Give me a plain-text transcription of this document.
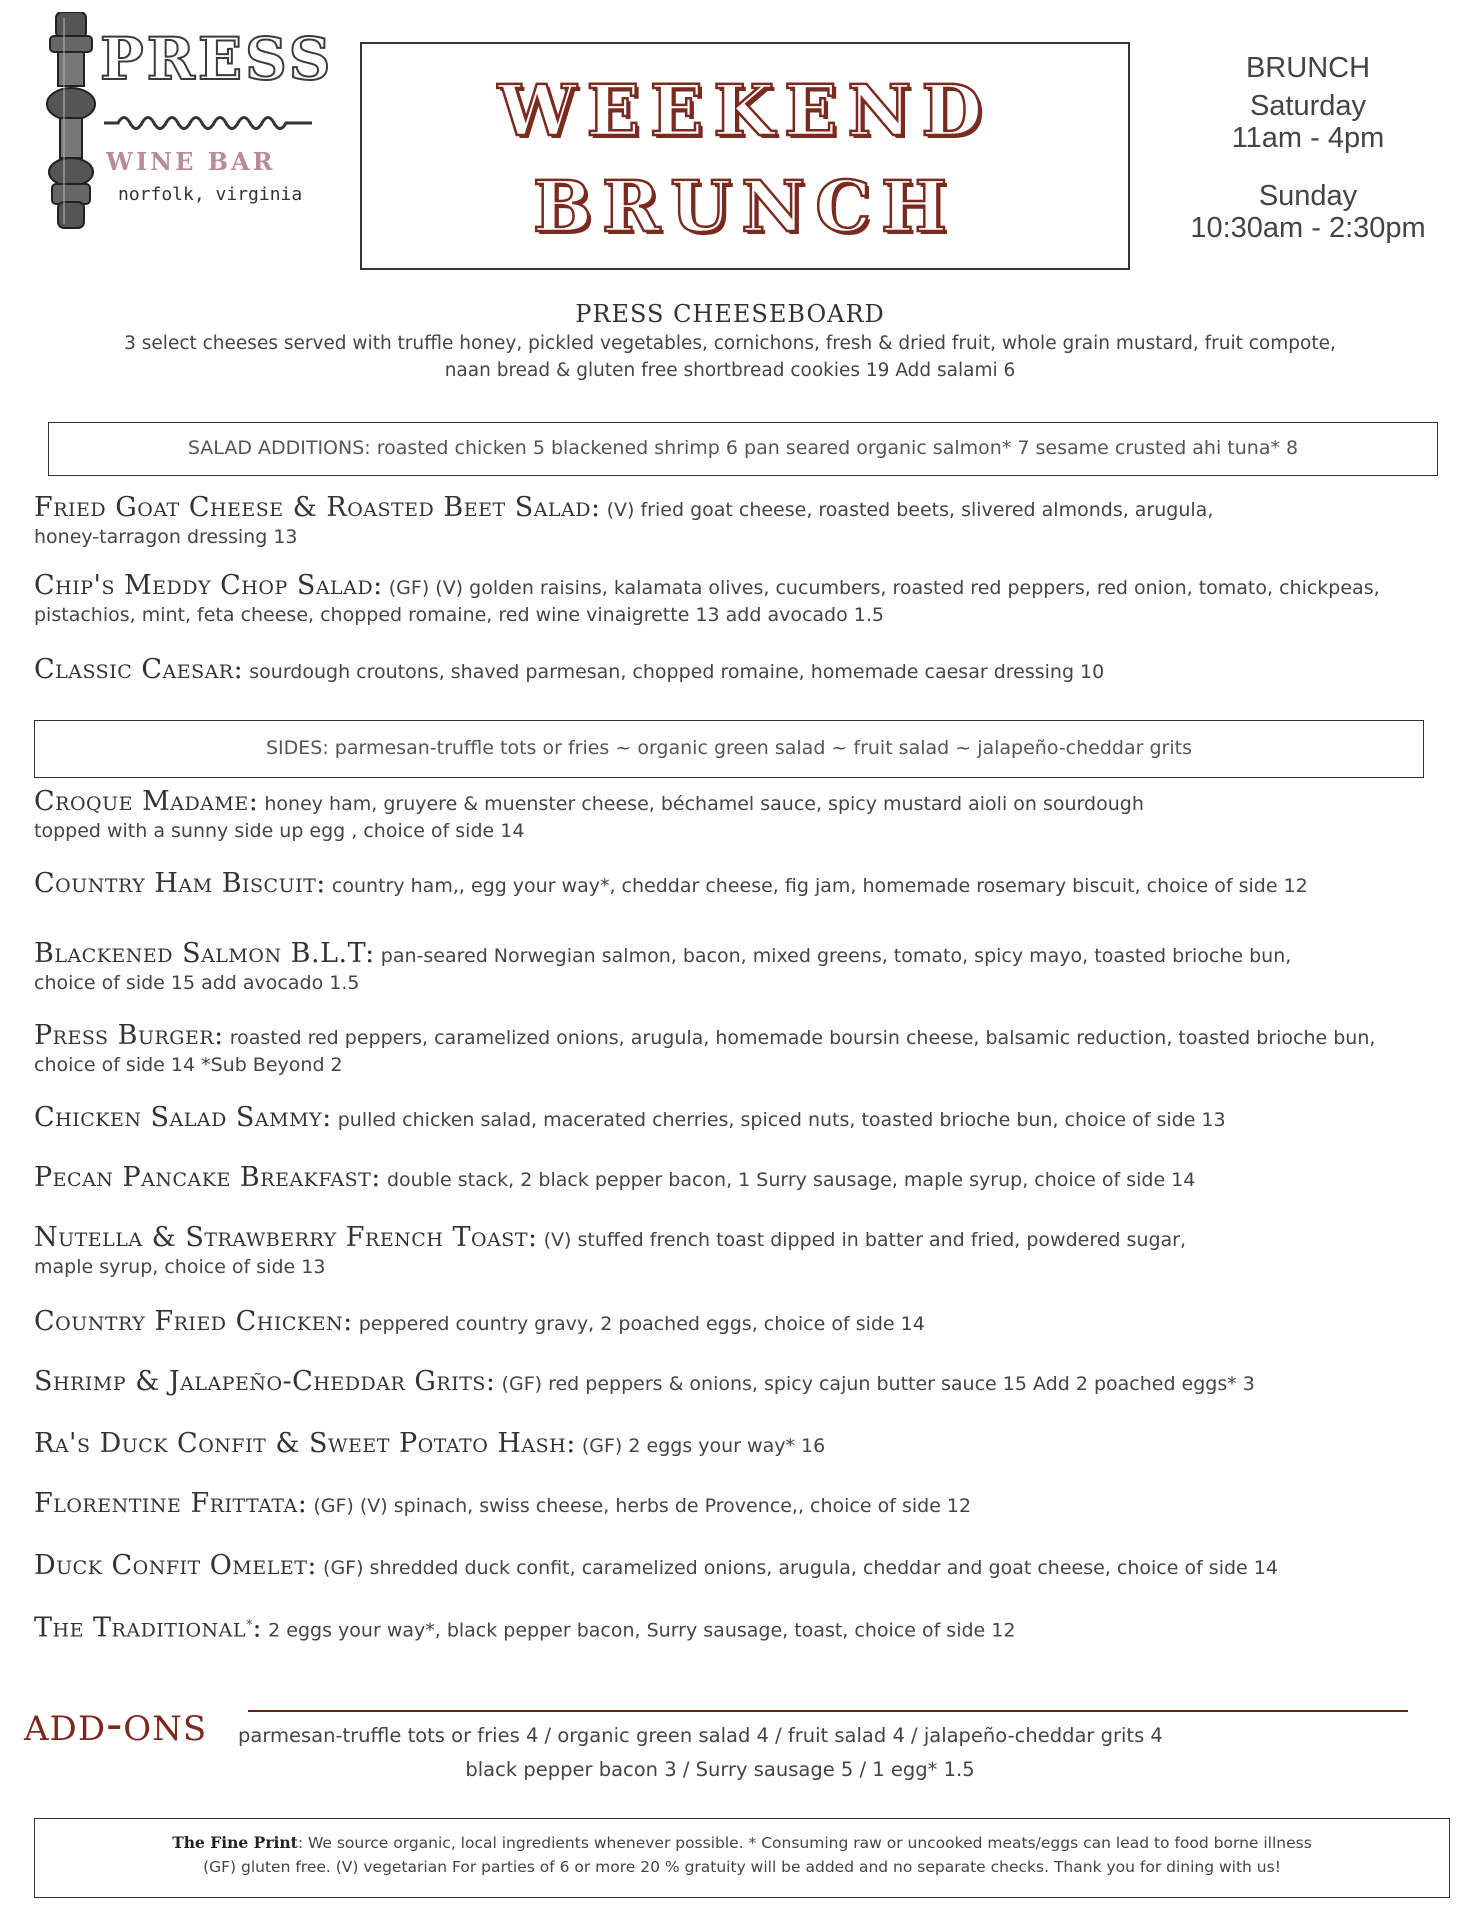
PRESS
WINE BAR
norfolk, virginia
WEEKEND
BRUNCH
BRUNCH
Saturday
11am - 4pm
Sunday
10:30am - 2:30pm
PRESS CHEESEBOARD
3 select cheeses served with truffle honey, pickled vegetables, cornichons, fresh & dried fruit, whole grain mustard, fruit compote,
naan bread & gluten free shortbread cookies 19 Add salami 6
SALAD ADDITIONS: roasted chicken 5 blackened shrimp 6 pan seared organic salmon* 7 sesame crusted ahi tuna* 8
Fried Goat Cheese & Roasted Beet Salad: (V) fried goat cheese, roasted beets, slivered almonds, arugula,
honey-tarragon dressing 13
Chip's Meddy Chop Salad: (GF) (V) golden raisins, kalamata olives, cucumbers, roasted red peppers, red onion, tomato, chickpeas,
pistachios, mint, feta cheese, chopped romaine, red wine vinaigrette 13 add avocado 1.5
Classic Caesar: sourdough croutons, shaved parmesan, chopped romaine, homemade caesar dressing 10
SIDES: parmesan-truffle tots or fries ~ organic green salad ~ fruit salad ~ jalapeño-cheddar grits
Croque Madame: honey ham, gruyere & muenster cheese, béchamel sauce, spicy mustard aioli on sourdough
topped with a sunny side up egg , choice of side 14
Country Ham Biscuit: country ham,, egg your way*, cheddar cheese, fig jam, homemade rosemary biscuit, choice of side 12
Blackened Salmon B.L.T: pan-seared Norwegian salmon, bacon, mixed greens, tomato, spicy mayo, toasted brioche bun,
choice of side 15 add avocado 1.5
Press Burger: roasted red peppers, caramelized onions, arugula, homemade boursin cheese, balsamic reduction, toasted brioche bun,
choice of side 14 *Sub Beyond 2
Chicken Salad Sammy: pulled chicken salad, macerated cherries, spiced nuts, toasted brioche bun, choice of side 13
Pecan Pancake Breakfast: double stack, 2 black pepper bacon, 1 Surry sausage, maple syrup, choice of side 14
Nutella & Strawberry French Toast: (V) stuffed french toast dipped in batter and fried, powdered sugar,
maple syrup, choice of side 13
Country Fried Chicken: peppered country gravy, 2 poached eggs, choice of side 14
Shrimp & Jalapeño-Cheddar Grits: (GF) red peppers & onions, spicy cajun butter sauce 15 Add 2 poached eggs* 3
Ra's Duck Confit & Sweet Potato Hash: (GF) 2 eggs your way* 16
Florentine Frittata: (GF) (V) spinach, swiss cheese, herbs de Provence,, choice of side 12
Duck Confit Omelet: (GF) shredded duck confit, caramelized onions, arugula, cheddar and goat cheese, choice of side 14
The Traditional*: 2 eggs your way*, black pepper bacon, Surry sausage, toast, choice of side 12
add-ons parmesan-truffle tots or fries 4 / organic green salad 4 / fruit salad 4 / jalapeño-cheddar grits 4
black pepper bacon 3 / Surry sausage 5 / 1 egg* 1.5
The Fine Print: We source organic, local ingredients whenever possible. * Consuming raw or uncooked meats/eggs can lead to food borne illness
(GF) gluten free. (V) vegetarian For parties of 6 or more 20 % gratuity will be added and no separate checks. Thank you for dining with us!
